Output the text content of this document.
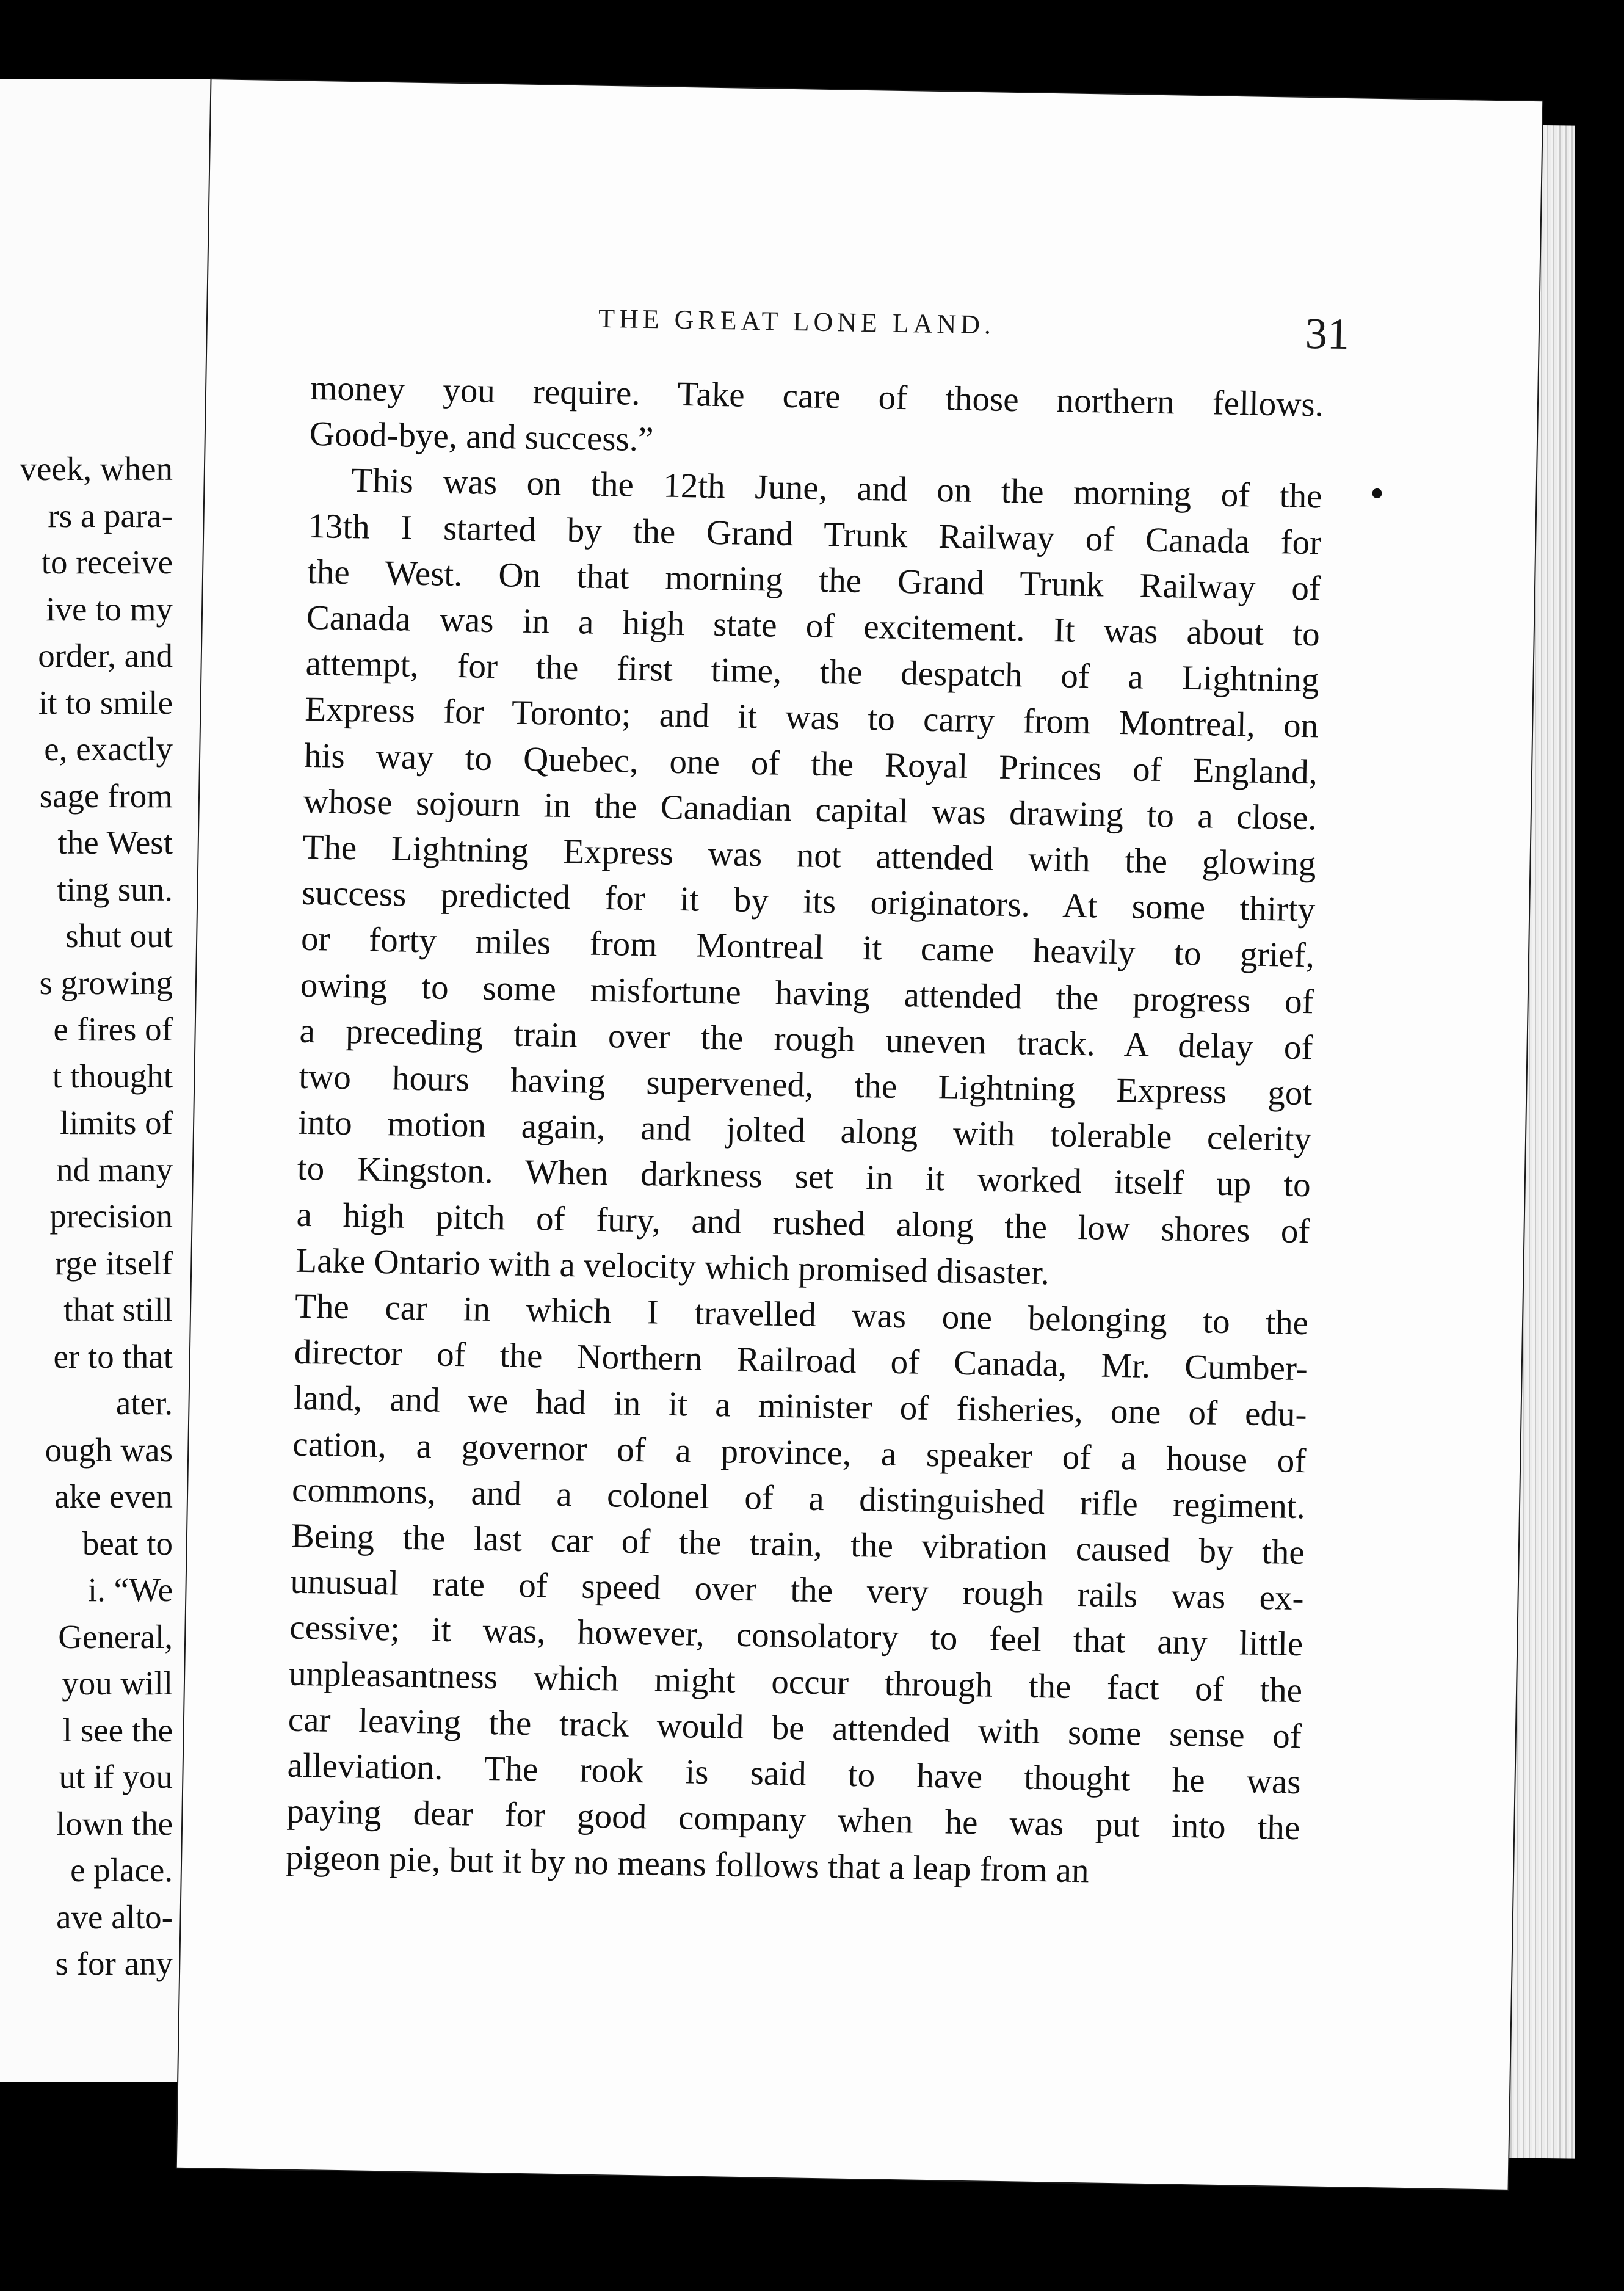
veek, when
rs a para-
to receive
ive to my
order, and
it to smile
e, exactly
sage from
the West
ting sun.
shut out
s growing
e fires of
t thought
limits of
nd many
precision
rge itself
that still
er to that
ater.
ough was
ake even
beat to
i. “We
General,
you will
l see the
ut if you
lown the
e place.
ave alto-
s for any
THE GREAT LONE LAND.	31
money you require. Take care of those northern fellows.
Good-bye, and success.”
This was on the 12th June, and on the morning of the
13th I started by the Grand Trunk Railway of Canada for
the West. On that morning the Grand Trunk Railway of
Canada was in a high state of excitement. It was about to
attempt, for the first time, the despatch of a Lightning
Express for Toronto; and it was to carry from Montreal, on
his way to Quebec, one of the Royal Princes of England,
whose sojourn in the Canadian capital was drawing to a close.
The Lightning Express was not attended with the glowing
success predicted for it by its originators. At some thirty
or forty miles from Montreal it came heavily to grief,
owing to some misfortune having attended the progress of
a preceding train over the rough uneven track. A delay of
two hours having supervened, the Lightning Express got
into motion again, and jolted along with tolerable celerity
to Kingston. When darkness set in it worked itself up to
a high pitch of fury, and rushed along the low shores of
Lake Ontario with a velocity which promised disaster.
The car in which I travelled was one belonging to the
director of the Northern Railroad of Canada, Mr. Cumber-
land, and we had in it a minister of fisheries, one of edu-
cation, a governor of a province, a speaker of a house of
commons, and a colonel of a distinguished rifle regiment.
Being the last car of the train, the vibration caused by the
unusual rate of speed over the very rough rails was ex-
cessive; it was, however, consolatory to feel that any little
unpleasantness which might occur through the fact of the
car leaving the track would be attended with some sense of
alleviation. The rook is said to have thought he was
paying dear for good company when he was put into the
pigeon pie, but it by no means follows that a leap from an
